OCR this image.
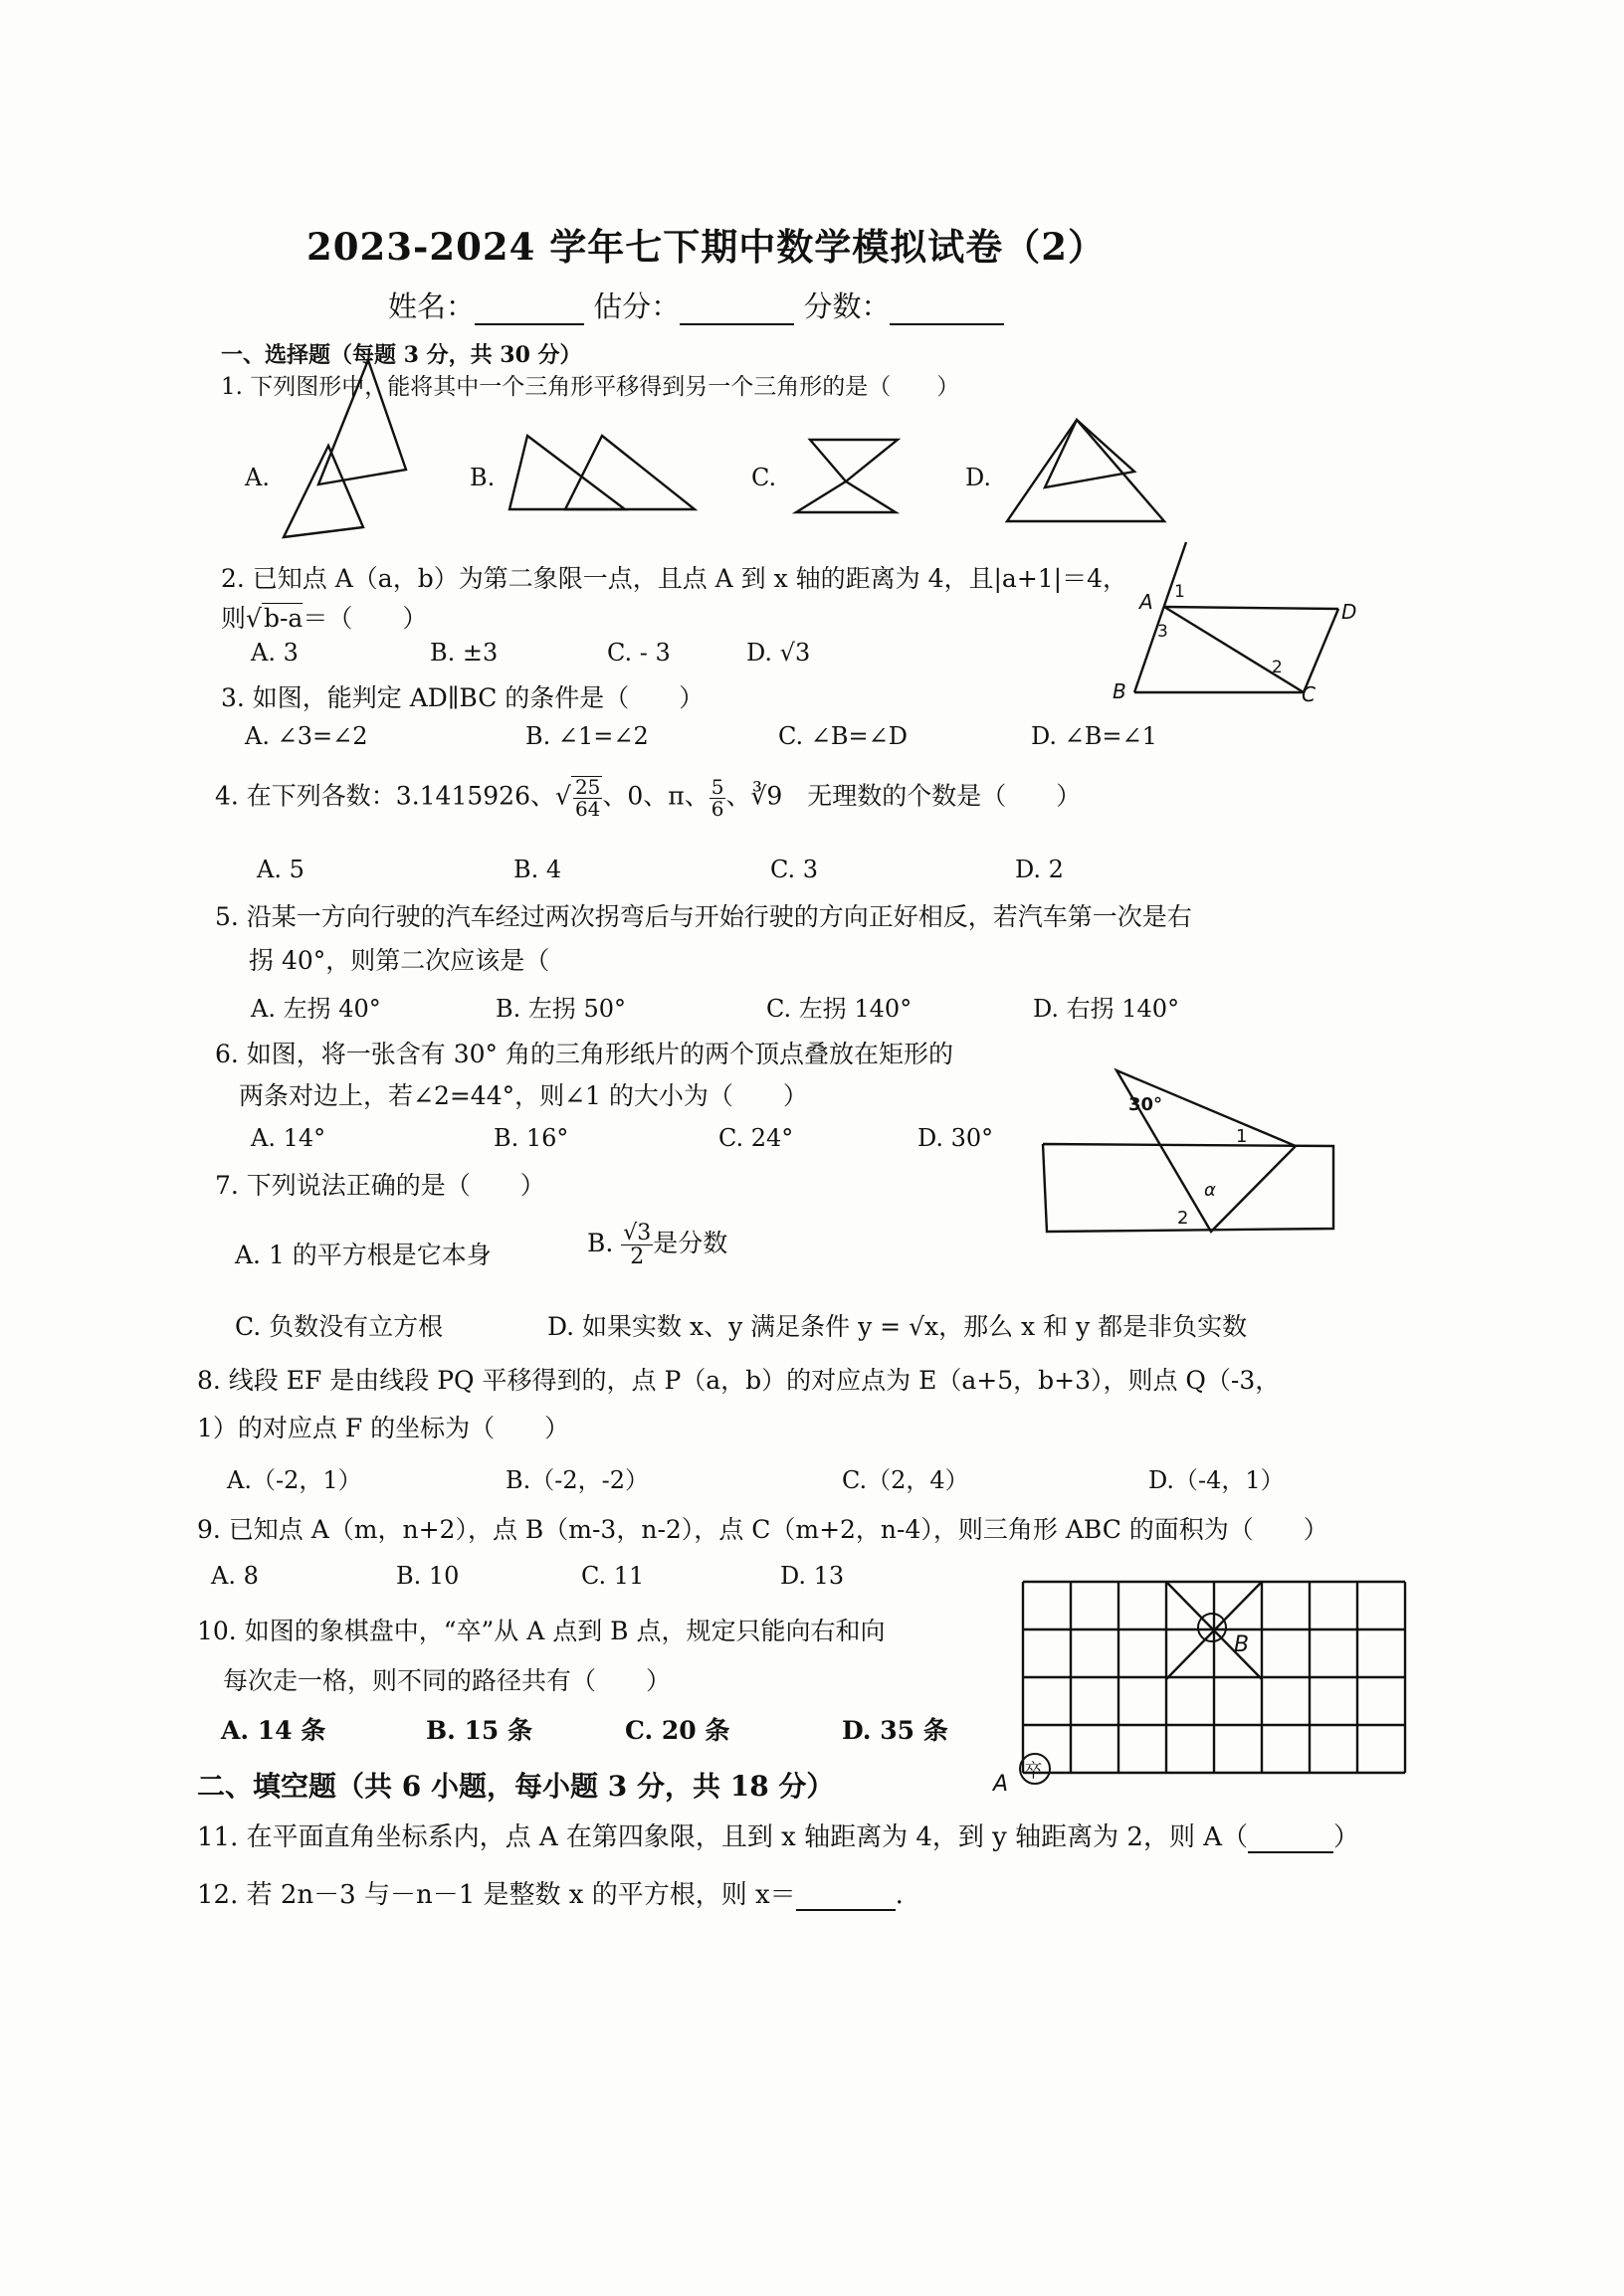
2023-2024 学年七下期中数学模拟试卷（2）
姓名：	估分：	分数：
一、选择题（每题 3 分，共 30 分）
1. 下列图形中，能将其中一个三角形平移得到另一个三角形的是（　　）
A.	B.	C.	D.
2. 已知点 A（a，b）为第二象限一点，且点 A 到 x 轴的距离为 4，且|a+1|＝4，
则√b-a＝（　　）
A. 3	B. ±3	C. - 3	D. √3
A 1
3
D
2
B	C
3. 如图，能判定 AD∥BC 的条件是（　　）
A. ∠3=∠2	B. ∠1=∠2	C. ∠B=∠D	D. ∠B=∠1
4. 在下列各数：3.1415926、√ $\frac{25}{64}$ 、0、π、 $\frac{5}{6}$ 、∛9　无理数的个数是（　　）
A. 5	B. 4	C. 3	D. 2
5. 沿某一方向行驶的汽车经过两次拐弯后与开始行驶的方向正好相反，若汽车第一次是右
拐 40°，则第二次应该是（
A. 左拐 40°	B. 左拐 50°	C. 左拐 140°	D. 右拐 140°
6. 如图，将一张含有 30° 角的三角形纸片的两个顶点叠放在矩形的
两条对边上，若∠2=44°，则∠1 的大小为（　　）
A. 14°	B. 16°	C. 24°	D. 30°
30°
1
α
2
7. 下列说法正确的是（　　）
A. 1 的平方根是它本身	B. $\frac{√3}{2}$ 是分数
C. 负数没有立方根	D. 如果实数 x、y 满足条件 y = √x，那么 x 和 y 都是非负实数
8. 线段 EF 是由线段 PQ 平移得到的，点 P（a，b）的对应点为 E（a+5，b+3），则点 Q（-3，
1）的对应点 F 的坐标为（　　）
A.（-2，1）	B.（-2，-2）	C.（2，4）	D.（-4，1）
9. 已知点 A（m，n+2），点 B（m-3，n-2），点 C（m+2，n-4），则三角形 ABC 的面积为（　　）
A. 8	B. 10	C. 11	D. 13
10. 如图的象棋盘中，“卒”从 A 点到 B 点，规定只能向右和向
每次走一格，则不同的路径共有（　　）
A. 14 条	B. 15 条	C. 20 条	D. 35 条
B
卒
A
二、填空题（共 6 小题，每小题 3 分，共 18 分）
11. 在平面直角坐标系内，点 A 在第四象限，且到 x 轴距离为 4，到 y 轴距离为 2，则 A（	）
12. 若 2n－3 与－n－1 是整数 x 的平方根，则 x＝	.
